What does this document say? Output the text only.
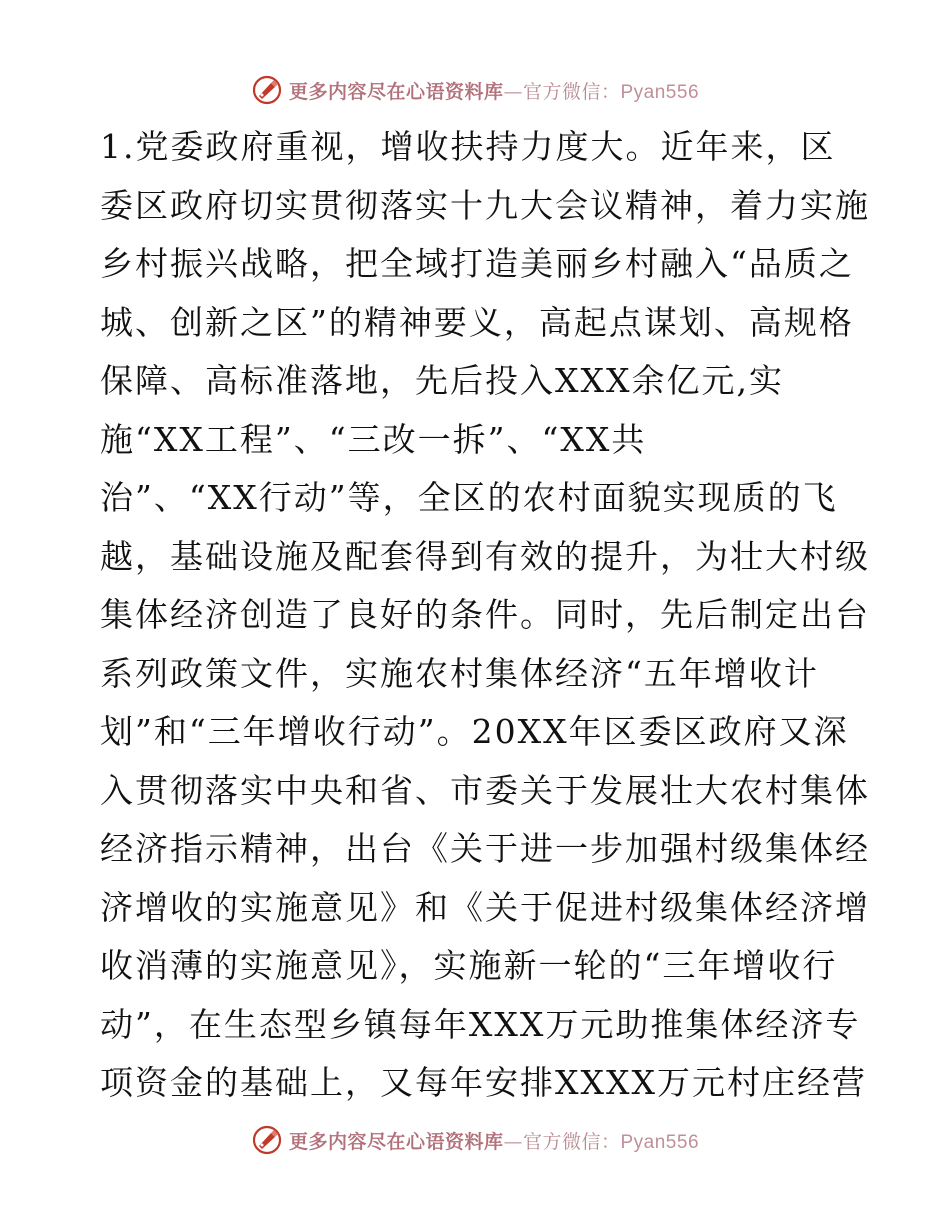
更多内容尽在心语资料库—官方微信：Pyan556
1.党委政府重视，增收扶持力度大。近年来，区
委区政府切实贯彻落实十九大会议精神，着力实施
乡村振兴战略，把全域打造美丽乡村融入“品质之
城、创新之区”的精神要义，高起点谋划、高规格
保障、高标准落地，先后投入XXX余亿元,实
施“XX工程”、“三改一拆”、“XX共
治”、“XX行动”等，全区的农村面貌实现质的飞
越，基础设施及配套得到有效的提升，为壮大村级
集体经济创造了良好的条件。同时，先后制定出台
系列政策文件，实施农村集体经济“五年增收计
划”和“三年增收行动”。20XX年区委区政府又深
入贯彻落实中央和省、市委关于发展壮大农村集体
经济指示精神，出台《关于进一步加强村级集体经
济增收的实施意见》和《关于促进村级集体经济增
收消薄的实施意见》，实施新一轮的“三年增收行
动”，在生态型乡镇每年XXX万元助推集体经济专
项资金的基础上，又每年安排XXXX万元村庄经营
更多内容尽在心语资料库—官方微信：Pyan556
